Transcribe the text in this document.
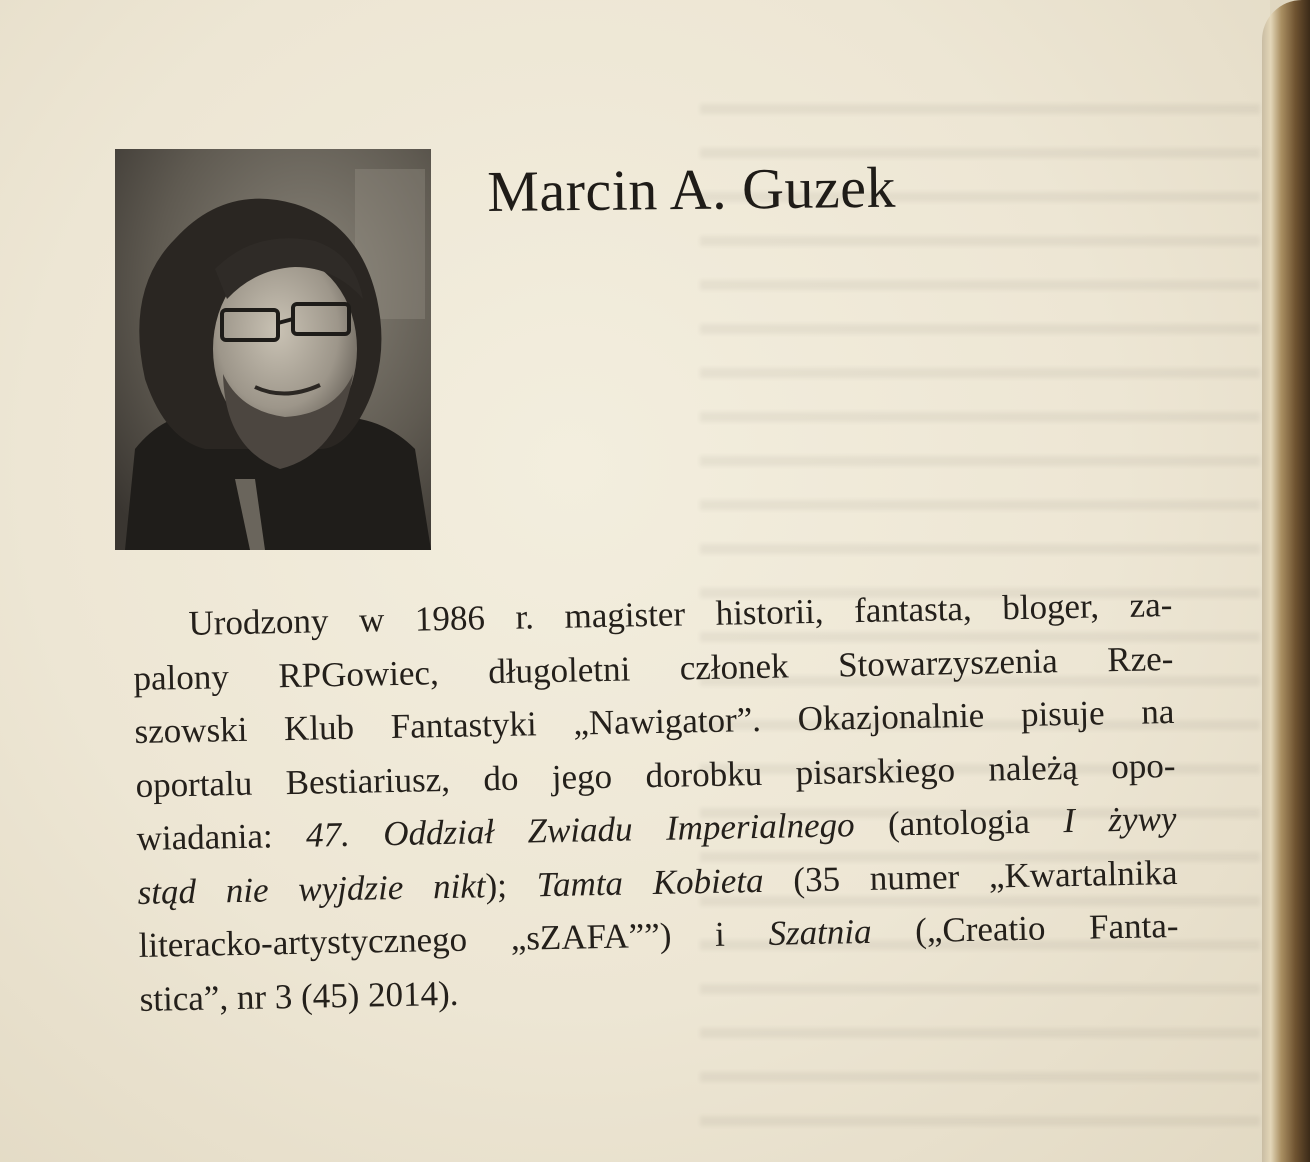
Marcin A. Guzek

Urodzony w 1986 r. magister historii, fantasta, bloger, za-
palony RPGowiec, długoletni członek Stowarzyszenia Rze-
szowski Klub Fantastyki „Nawigator”. Okazjonalnie pisuje na
oportalu Bestiariusz, do jego dorobku pisarskiego należą opo-
wiadania: 47. Oddział Zwiadu Imperialnego (antologia I żywy
stąd nie wyjdzie nikt); Tamta Kobieta (35 numer „Kwartalnika
literacko-artystycznego „sZAFA””) i Szatnia („Creatio Fanta-
stica”, nr 3 (45) 2014).
